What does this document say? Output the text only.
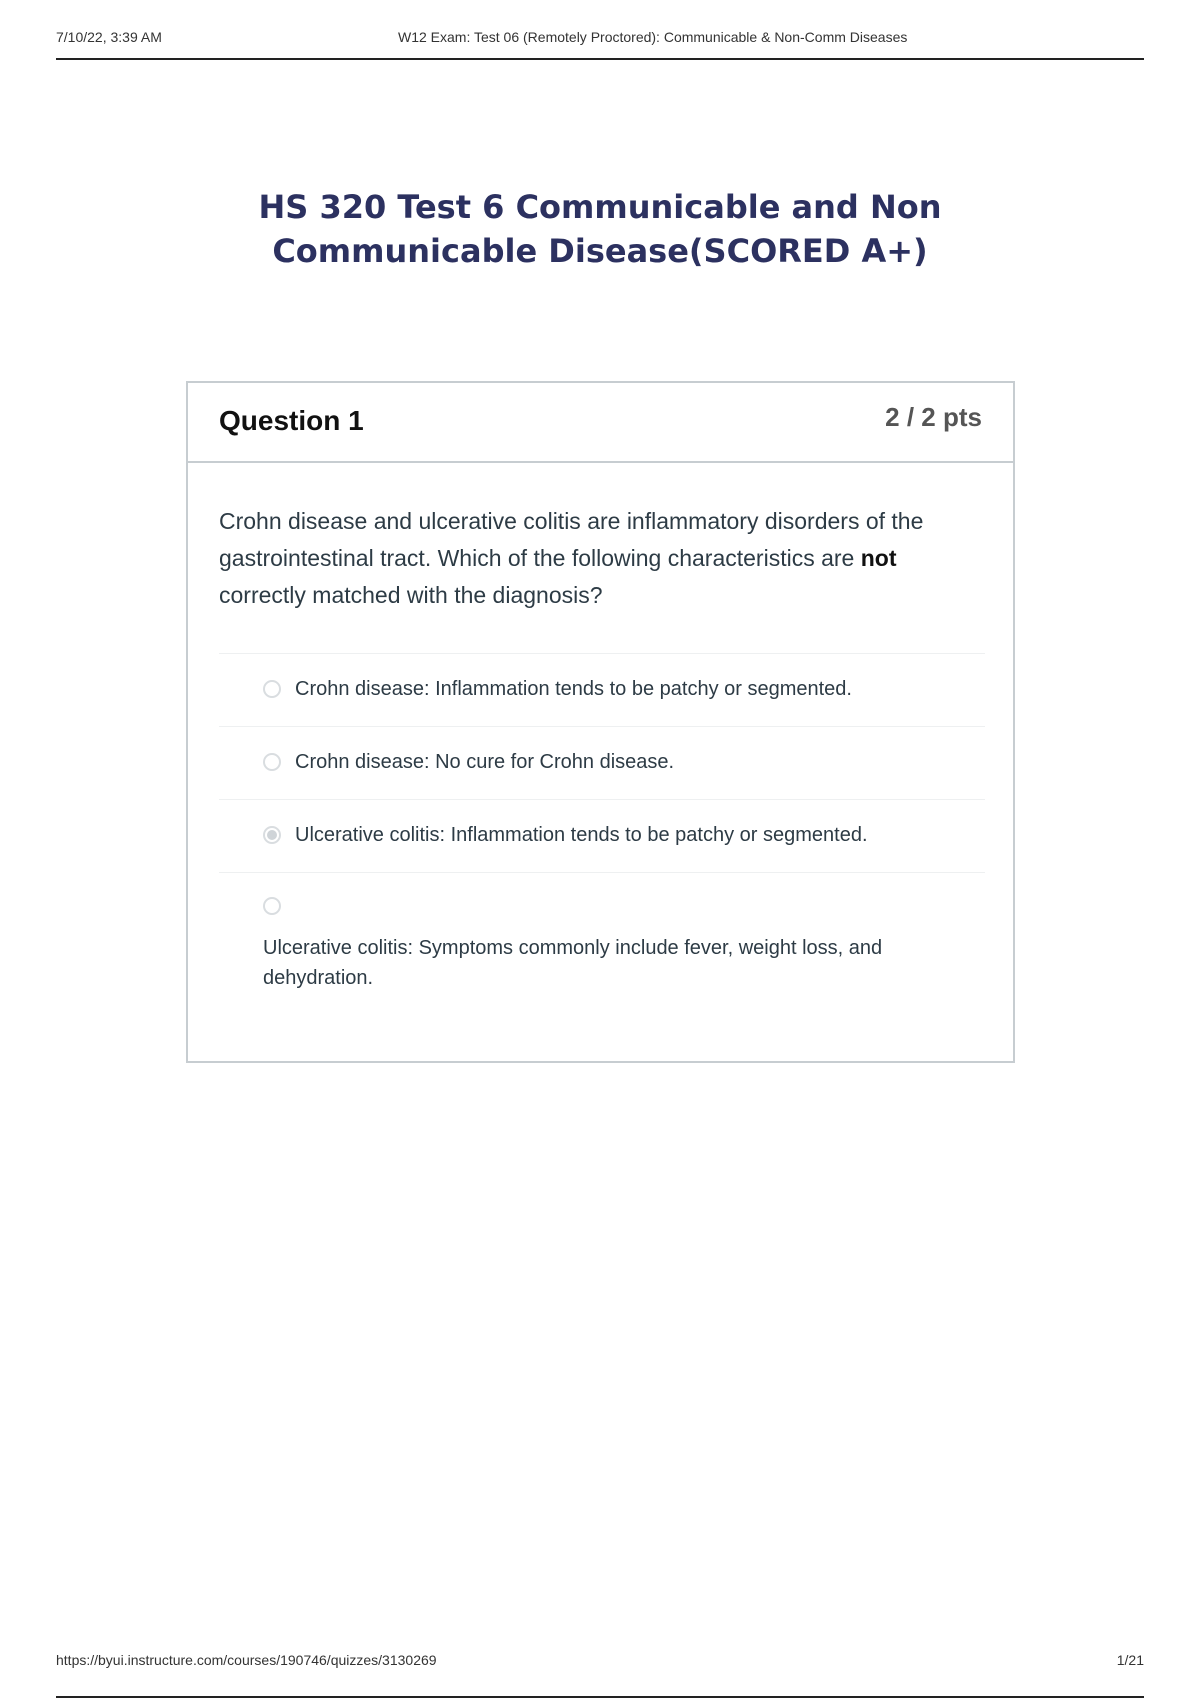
7/10/22, 3:39 AM	W12 Exam: Test 06 (Remotely Proctored): Communicable & Non-Comm Diseases
HS 320 Test 6 Communicable and Non Communicable Disease(SCORED A+)
Question 1	2 / 2 pts
Crohn disease and ulcerative colitis are inflammatory disorders of the gastrointestinal tract. Which of the following characteristics are not correctly matched with the diagnosis?
Crohn disease: Inflammation tends to be patchy or segmented.
Crohn disease: No cure for Crohn disease.
Ulcerative colitis: Inflammation tends to be patchy or segmented.
Ulcerative colitis: Symptoms commonly include fever, weight loss, and dehydration.
https://byui.instructure.com/courses/190746/quizzes/3130269	1/21
